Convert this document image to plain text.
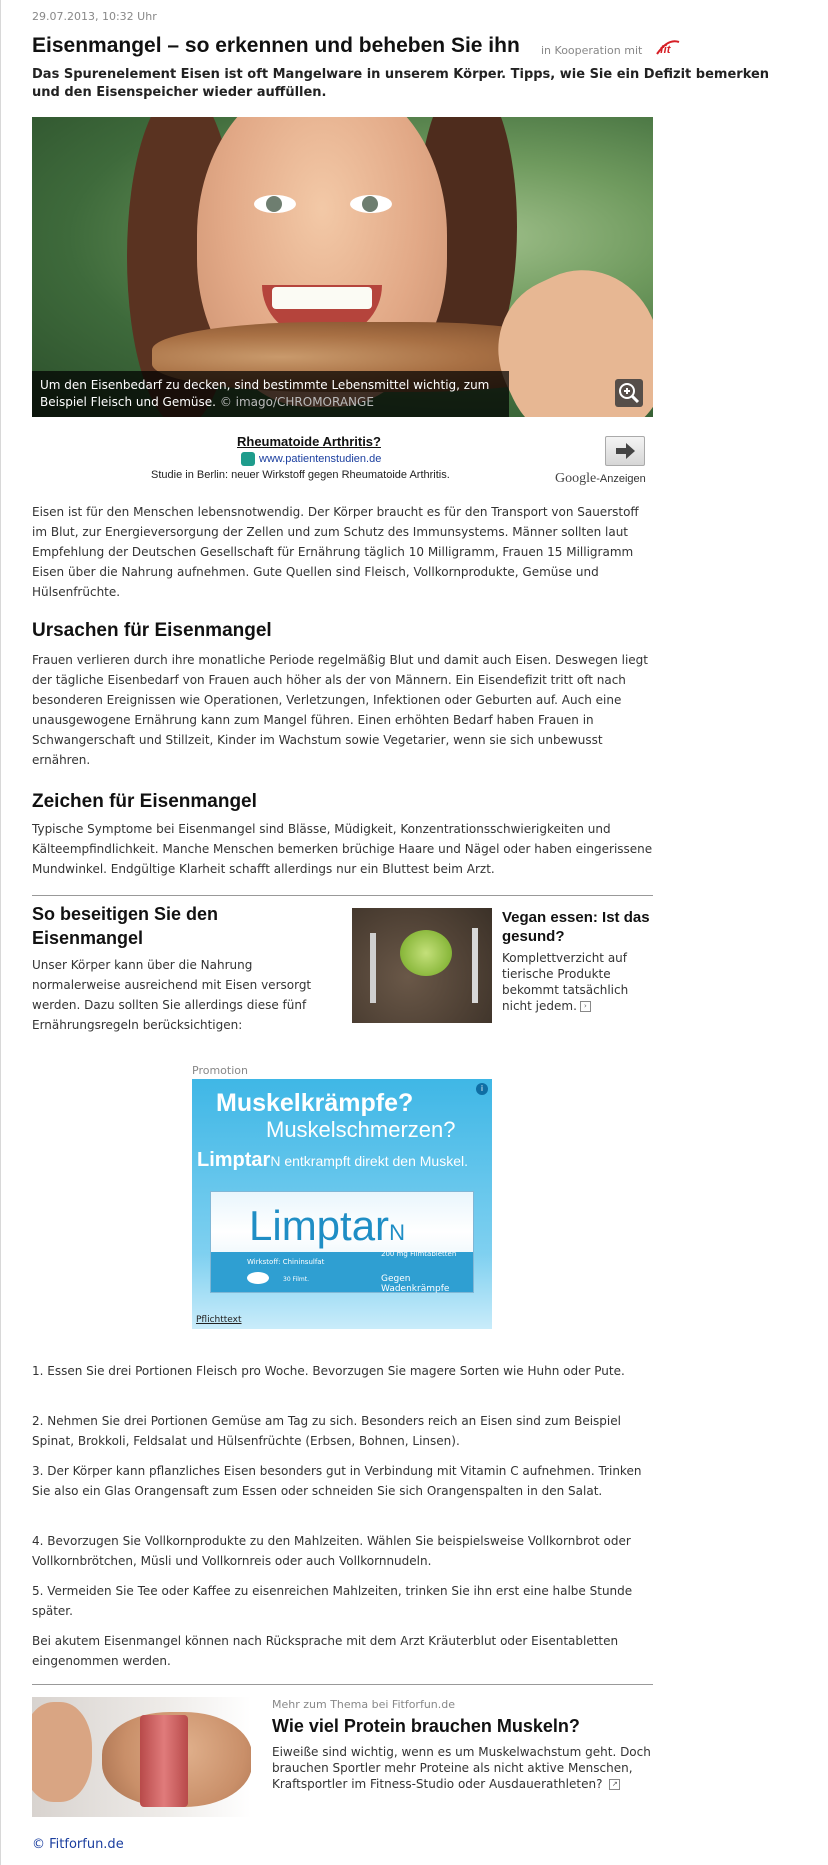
29.07.2013, 10:32 Uhr
Eisenmangel – so erkennen und beheben Sie ihn in Kooperation mit fit
Das Spurenelement Eisen ist oft Mangelware in unserem Körper. Tipps, wie Sie ein Defizit bemerken und den Eisenspeicher wieder auffüllen.
Um den Eisenbedarf zu decken, sind bestimmte Lebensmittel wichtig, zum Beispiel Fleisch und Gemüse. © imago/CHROMORANGE
Rheumatoide Arthritis?
www.patientenstudien.de
Studie in Berlin: neuer Wirkstoff gegen Rheumatoide Arthritis.	Google-Anzeigen
Eisen ist für den Menschen lebensnotwendig. Der Körper braucht es für den Transport von Sauerstoff im Blut, zur Energieversorgung der Zellen und zum Schutz des Immunsystems. Männer sollten laut Empfehlung der Deutschen Gesellschaft für Ernährung täglich 10 Milligramm, Frauen 15 Milligramm Eisen über die Nahrung aufnehmen. Gute Quellen sind Fleisch, Vollkornprodukte, Gemüse und Hülsenfrüchte.
Ursachen für Eisenmangel
Frauen verlieren durch ihre monatliche Periode regelmäßig Blut und damit auch Eisen. Deswegen liegt der tägliche Eisenbedarf von Frauen auch höher als der von Männern. Ein Eisendefizit tritt oft nach besonderen Ereignissen wie Operationen, Verletzungen, Infektionen oder Geburten auf. Auch eine unausgewogene Ernährung kann zum Mangel führen. Einen erhöhten Bedarf haben Frauen in Schwangerschaft und Stillzeit, Kinder im Wachstum sowie Vegetarier, wenn sie sich unbewusst ernähren.
Zeichen für Eisenmangel
Typische Symptome bei Eisenmangel sind Blässe, Müdigkeit, Konzentrationsschwierigkeiten und Kälteempfindlichkeit. Manche Menschen bemerken brüchige Haare und Nägel oder haben eingerissene Mundwinkel. Endgültige Klarheit schafft allerdings nur ein Bluttest beim Arzt.
So beseitigen Sie den Eisenmangel
Unser Körper kann über die Nahrung normalerweise ausreichend mit Eisen versorgt werden. Dazu sollten Sie allerdings diese fünf Ernährungsregeln berücksichtigen:
Vegan essen: Ist das gesund?
Komplettverzicht auf tierische Produkte bekommt tatsächlich nicht jedem. ›
Promotion
Muskelkrämpfe?
Muskelschmerzen?
LimptarN entkrampft direkt den Muskel.
LimptarN
200 mg Filmtabletten
Wirkstoff: Chininsulfat
30 Filmt.	Gegen Wadenkrämpfe
i
Pflichttext
1. Essen Sie drei Portionen Fleisch pro Woche. Bevorzugen Sie magere Sorten wie Huhn oder Pute.
2. Nehmen Sie drei Portionen Gemüse am Tag zu sich. Besonders reich an Eisen sind zum Beispiel Spinat, Brokkoli, Feldsalat und Hülsenfrüchte (Erbsen, Bohnen, Linsen).
3. Der Körper kann pflanzliches Eisen besonders gut in Verbindung mit Vitamin C aufnehmen. Trinken Sie also ein Glas Orangensaft zum Essen oder schneiden Sie sich Orangenspalten in den Salat.
4. Bevorzugen Sie Vollkornprodukte zu den Mahlzeiten. Wählen Sie beispielsweise Vollkornbrot oder Vollkornbrötchen, Müsli und Vollkornreis oder auch Vollkornnudeln.
5. Vermeiden Sie Tee oder Kaffee zu eisenreichen Mahlzeiten, trinken Sie ihn erst eine halbe Stunde später.
Bei akutem Eisenmangel können nach Rücksprache mit dem Arzt Kräuterblut oder Eisentabletten eingenommen werden.
Mehr zum Thema bei Fitforfun.de
Wie viel Protein brauchen Muskeln?
Eiweiße sind wichtig, wenn es um Muskelwachstum geht. Doch brauchen Sportler mehr Proteine als nicht aktive Menschen, Kraftsportler im Fitness-Studio oder Ausdauerathleten? ↗
© Fitforfun.de
